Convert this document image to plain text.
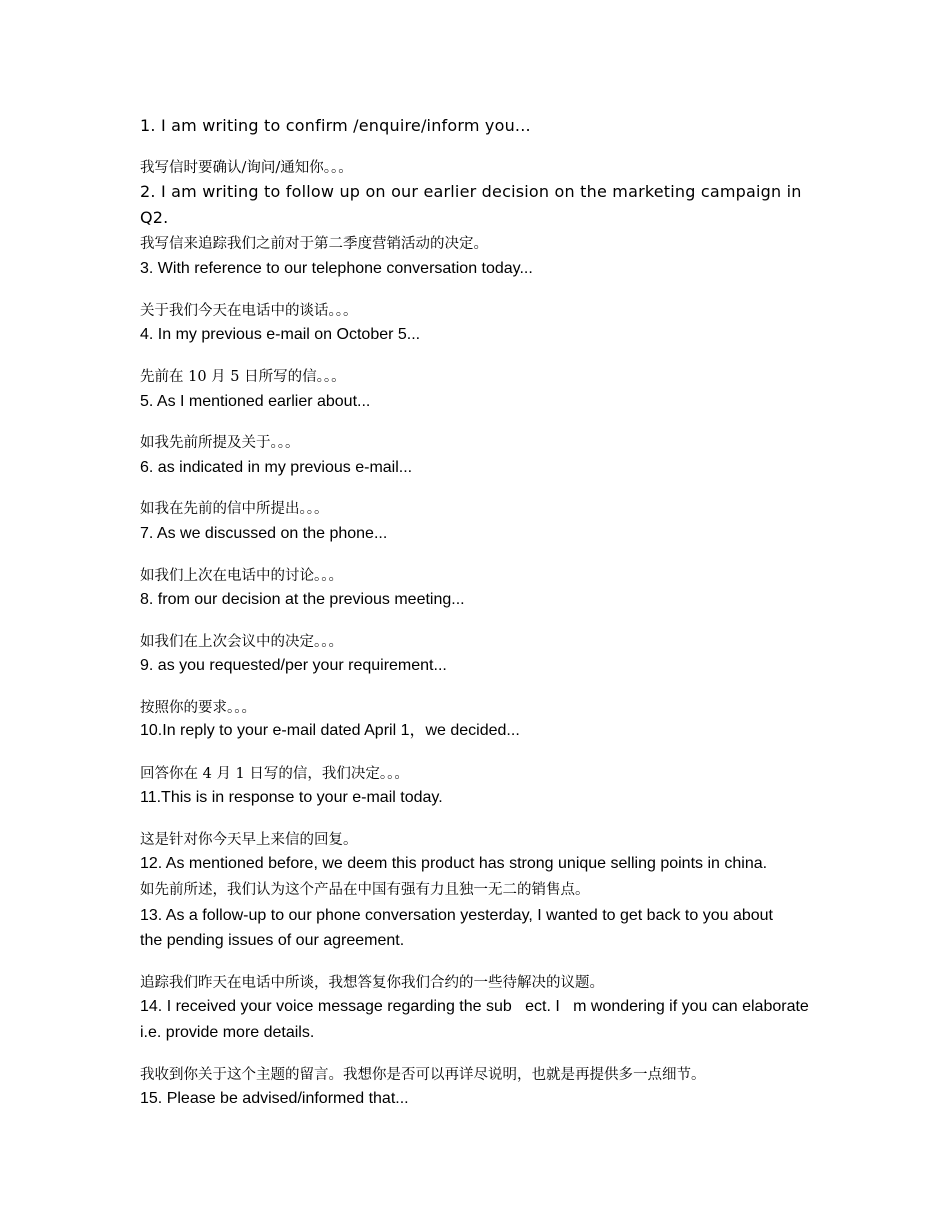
1. I am writing to confirm /enquire/inform you...
我写信时要确认/询问/通知你。。。
2. I am writing to follow up on our earlier decision on the marketing campaign in
Q2.
我写信来追踪我们之前对于第二季度营销活动的决定。
3. With reference to our telephone conversation today...
关于我们今天在电话中的谈话。。。
4. In my previous e-mail on October 5...
先前在 10 月 5 日所写的信。。。
5. As I mentioned earlier about...
如我先前所提及关于。。。
6. as indicated in my previous e-mail...
如我在先前的信中所提出。。。
7. As we discussed on the phone...
如我们上次在电话中的讨论。。。
8. from our decision at the previous meeting...
如我们在上次会议中的决定。。。
9. as you requested/per your requirement...
按照你的要求。。。
10.In reply to your e-mail dated April 1，we decided...
回答你在 4 月 1 日写的信，我们决定。。。
11.This is in response to your e-mail today.
这是针对你今天早上来信的回复。
12. As mentioned before, we deem this product has strong unique selling points in china.
如先前所述，我们认为这个产品在中国有强有力且独一无二的销售点。
13. As a follow-up to our phone conversation yesterday, I wanted to get back to you about
the pending issues of our agreement.
追踪我们昨天在电话中所谈，我想答复你我们合约的一些待解决的议题。
14. I received your voice message regarding the sub   ect. I   m wondering if you can elaborate
i.e. provide more details.
我收到你关于这个主题的留言。我想你是否可以再详尽说明，也就是再提供多一点细节。
15. Please be advised/informed that...
